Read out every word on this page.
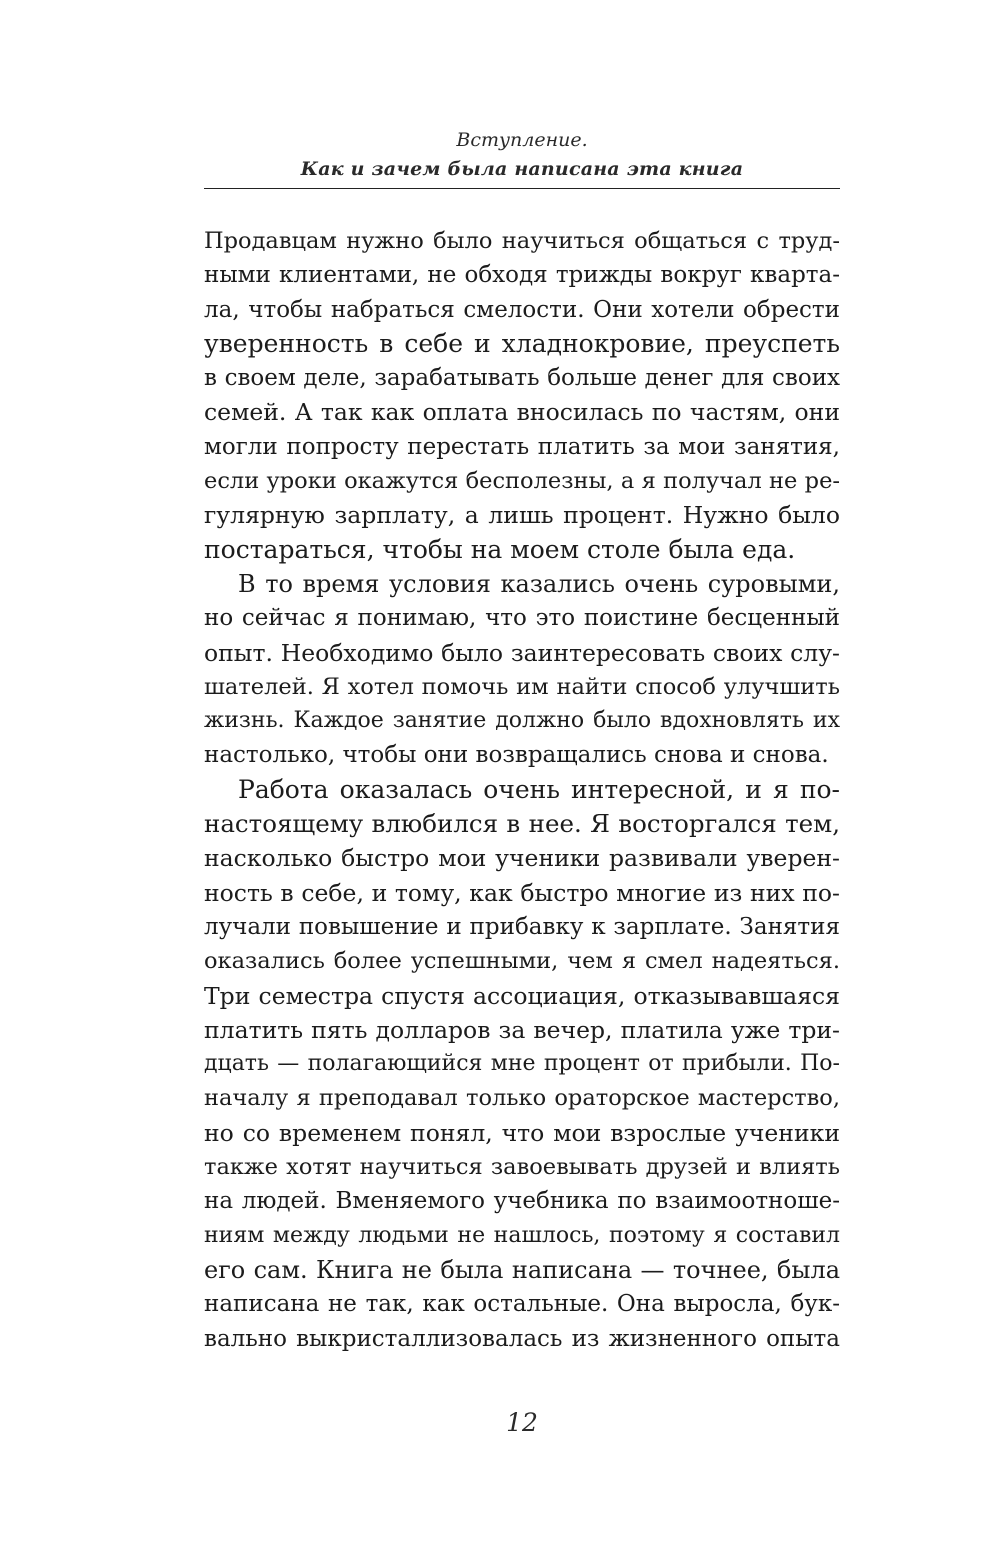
Вступление.
Как и зачем была написана эта книга
Продавцам нужно было научиться общаться с труд-
ными клиентами, не обходя трижды вокруг кварта-
ла, чтобы набраться смелости. Они хотели обрести
уверенность в себе и хладнокровие, преуспеть
в своем деле, зарабатывать больше денег для своих
семей. А так как оплата вносилась по частям, они
могли попросту перестать платить за мои занятия,
если уроки окажутся бесполезны, а я получал не ре-
гулярную зарплату, а лишь процент. Нужно было
постараться, чтобы на моем столе была еда.
В то время условия казались очень суровыми,
но сейчас я понимаю, что это поистине бесценный
опыт. Необходимо было заинтересовать своих слу-
шателей. Я хотел помочь им найти способ улучшить
жизнь. Каждое занятие должно было вдохновлять их
настолько, чтобы они возвращались снова и снова.
Работа оказалась очень интересной, и я по-
настоящему влюбился в нее. Я восторгался тем,
насколько быстро мои ученики развивали уверен-
ность в себе, и тому, как быстро многие из них по-
лучали повышение и прибавку к зарплате. Занятия
оказались более успешными, чем я смел надеяться.
Три семестра спустя ассоциация, отказывавшаяся
платить пять долларов за вечер, платила уже три-
дцать — полагающийся мне процент от прибыли. По-
началу я преподавал только ораторское мастерство,
но со временем понял, что мои взрослые ученики
также хотят научиться завоевывать друзей и влиять
на людей. Вменяемого учебника по взаимоотноше-
ниям между людьми не нашлось, поэтому я составил
его сам. Книга не была написана — точнее, была
написана не так, как остальные. Она выросла, бук-
вально выкристаллизовалась из жизненного опыта
12
